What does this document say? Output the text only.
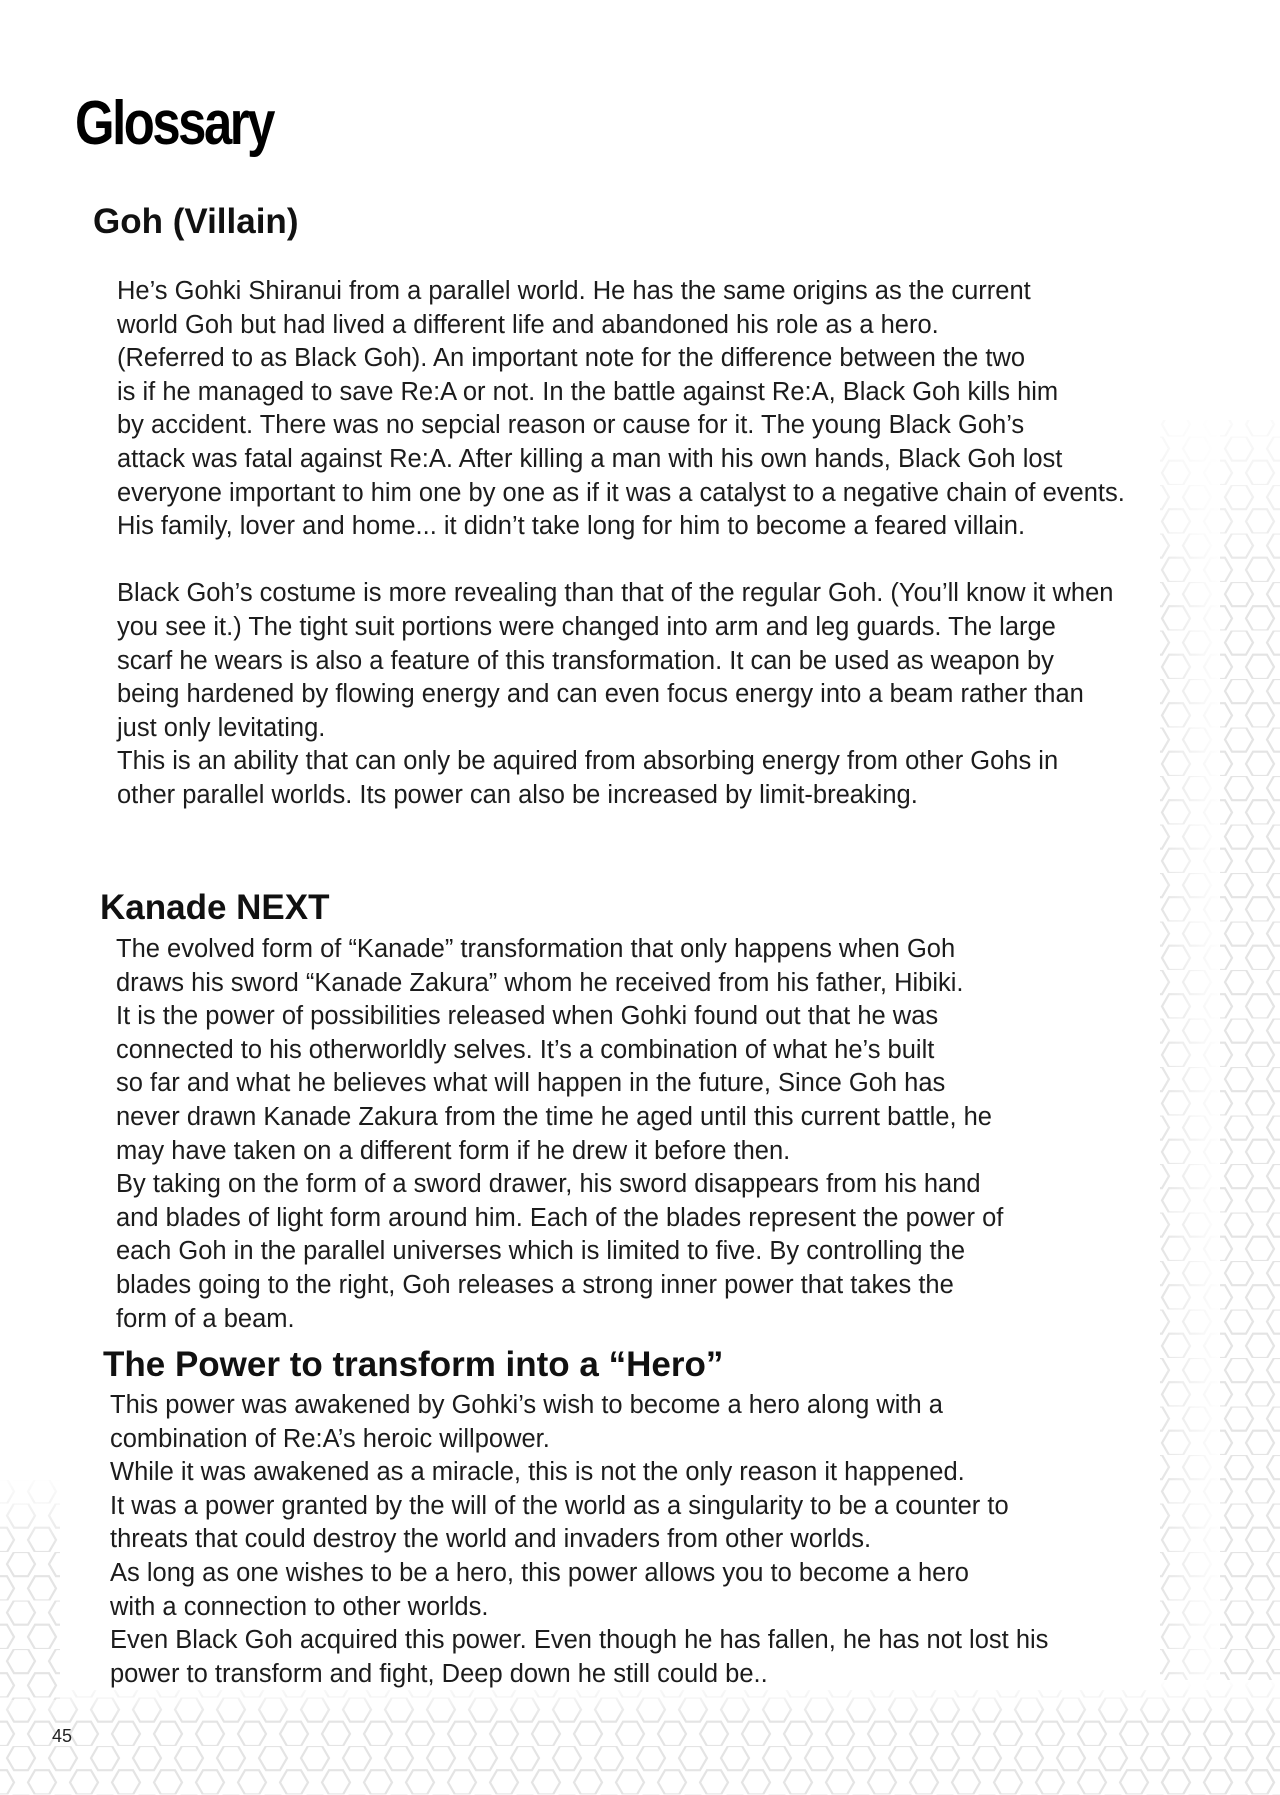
Glossary
Goh (Villain)

He’s Gohki Shiranui from a parallel world. He has the same origins as the current

world Goh but had lived a different life and abandoned his role as a hero.

(Referred to as Black Goh). An important note for the difference between the two

is if he managed to save Re:A or not. In the battle against Re:A, Black Goh kills him

by accident. There was no sepcial reason or cause for it. The young Black Goh’s

attack was fatal against Re:A. After killing a man with his own hands, Black Goh lost

everyone important to him one by one as if it was a catalyst to a negative chain of events.

His family, lover and home... it didn’t take long for him to become a feared villain.

Black Goh’s costume is more revealing than that of the regular Goh. (You’ll know it when

you see it.) The tight suit portions were changed into arm and leg guards. The large

scarf he wears is also a feature of this transformation. It can be used as weapon by

being hardened by flowing energy and can even focus energy into a beam rather than

just only levitating.

This is an ability that can only be aquired from absorbing energy from other Gohs in

other parallel worlds. Its power can also be increased by limit-breaking.

Kanade NEXT

The evolved form of “Kanade” transformation that only happens when Goh

draws his sword “Kanade Zakura” whom he received from his father, Hibiki.

It is the power of possibilities released when Gohki found out that he was

connected to his otherworldly selves. It’s a combination of what he’s built

so far and what he believes what will happen in the future, Since Goh has

never drawn Kanade Zakura from the time he aged until this current battle, he

may have taken on a different form if he drew it before then.

By taking on the form of a sword drawer, his sword disappears from his hand

and blades of light form around him. Each of the blades represent the power of

each Goh in the parallel universes which is limited to five. By controlling the

blades going to the right, Goh releases a strong inner power that takes the

form of a beam.

The Power to transform into a “Hero”

This power was awakened by Gohki’s wish to become a hero along with a

combination of Re:A’s heroic willpower.

While it was awakened as a miracle, this is not the only reason it happened.

It was a power granted by the will of the world as a singularity to be a counter to

threats that could destroy the world and invaders from other worlds.

As long as one wishes to be a hero, this power allows you to become a hero

with a connection to other worlds.

Even Black Goh acquired this power. Even though he has fallen, he has not lost his

power to transform and fight, Deep down he still could be..

45
